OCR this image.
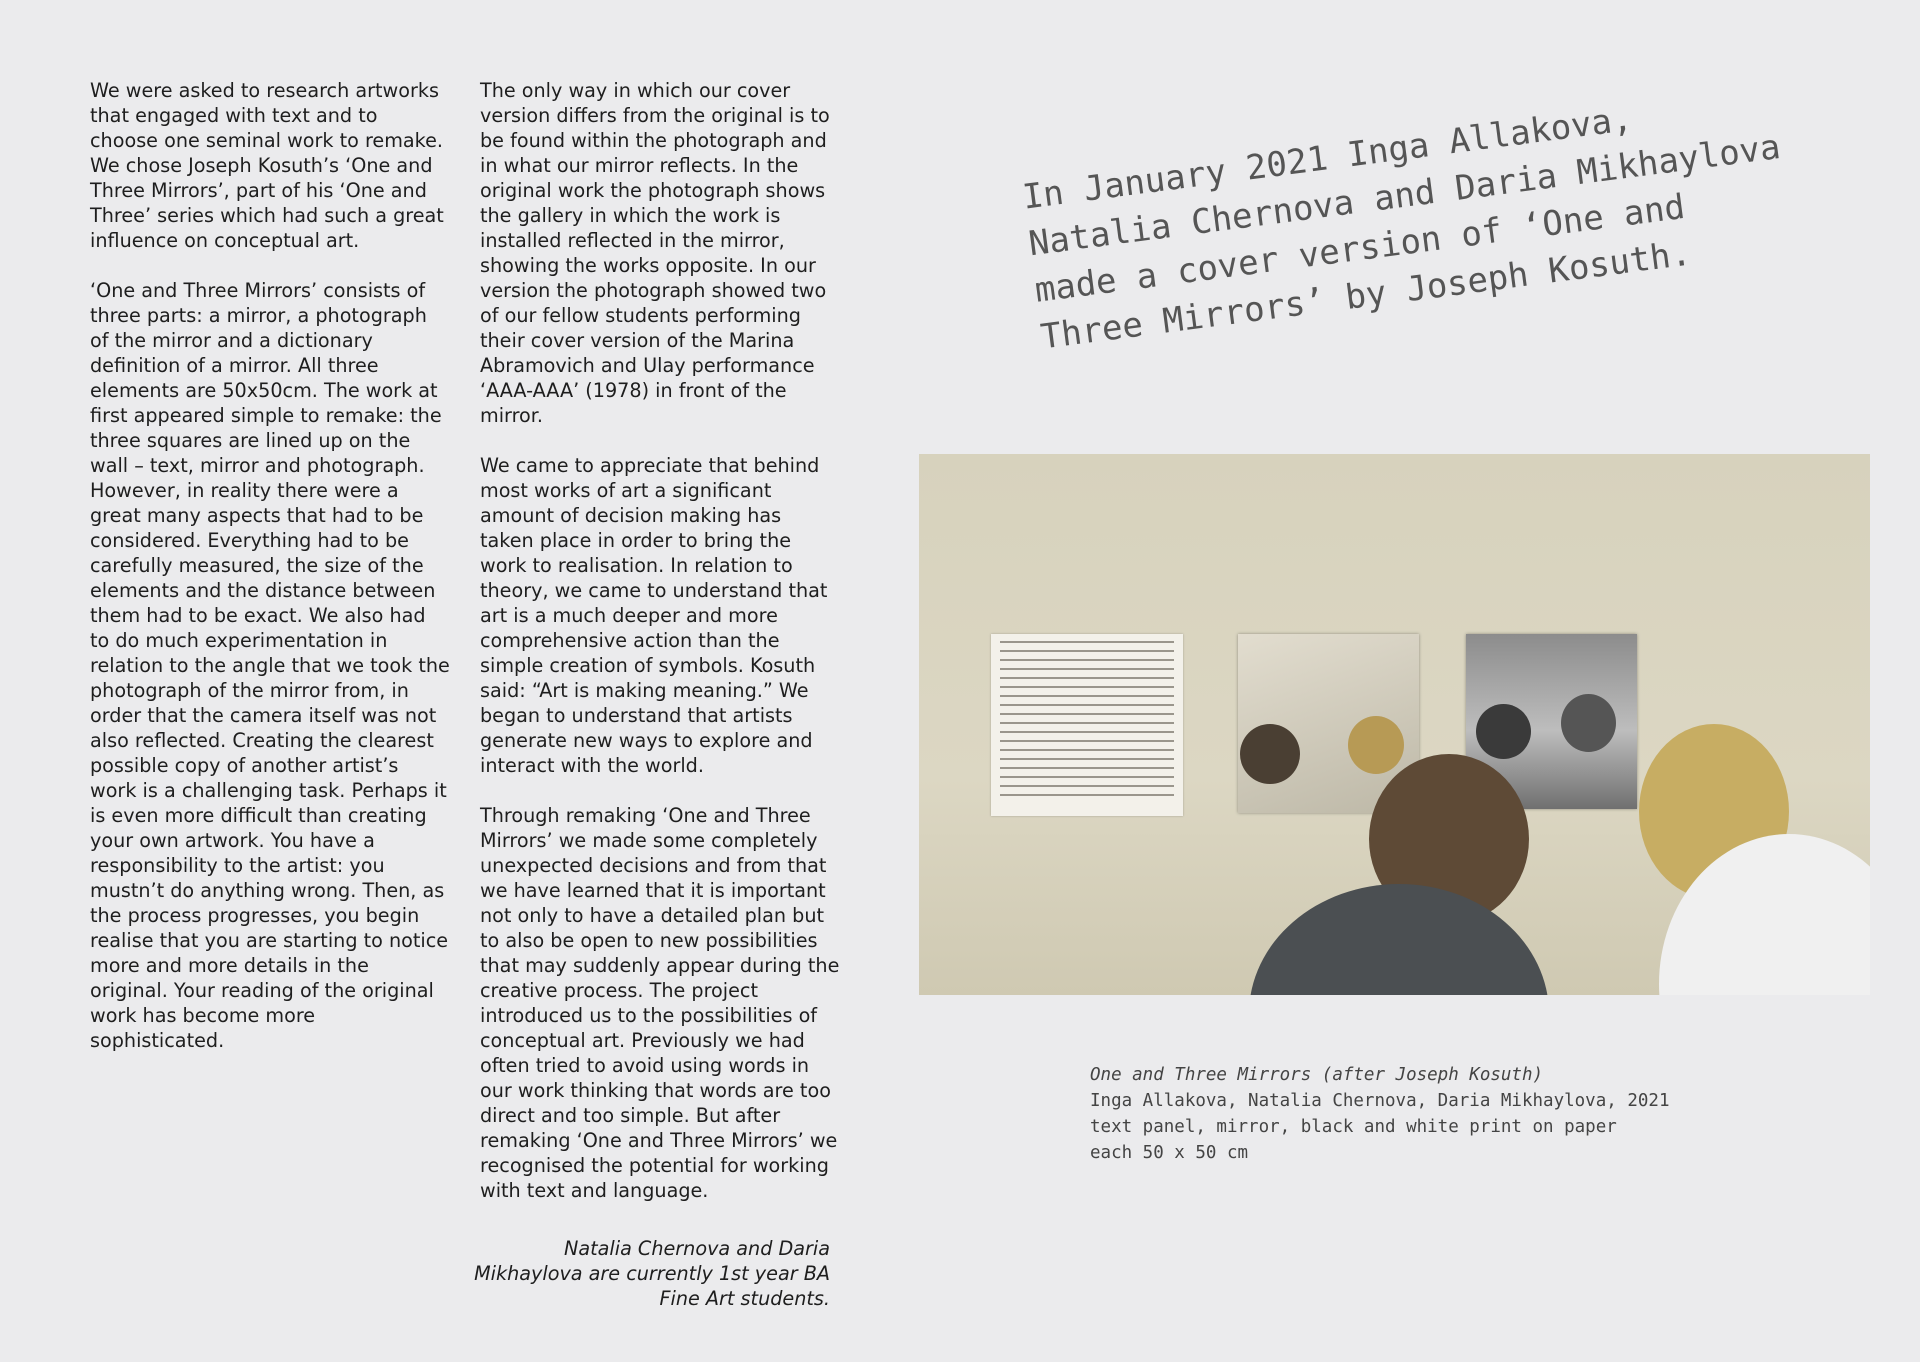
We were asked to research artworks that engaged with text and to choose one seminal work to remake. We chose Joseph Kosuth’s ‘One and Three Mirrors’, part of his ‘One and Three’ series which had such a great influence on conceptual art.

‘One and Three Mirrors’ consists of three parts: a mirror, a photograph of the mirror and a dictionary definition of a mirror. All three elements are 50x50cm. The work at first appeared simple to remake: the three squares are lined up on the wall – text, mirror and photograph. However, in reality there were a great many aspects that had to be considered. Everything had to be carefully measured, the size of the elements and the distance between them had to be exact. We also had to do much experimentation in relation to the angle that we took the photograph of the mirror from, in order that the camera itself was not also reflected. Creating the clearest possible copy of another artist’s work is a challenging task. Perhaps it is even more difficult than creating your own artwork. You have a responsibility to the artist: you mustn’t do anything wrong. Then, as the process progresses, you begin realise that you are starting to notice more and more details in the original. Your reading of the original work has become more sophisticated.

The only way in which our cover version differs from the original is to be found within the photograph and in what our mirror reflects. In the original work the photograph shows the gallery in which the work is installed reflected in the mirror, showing the works opposite. In our version the photograph showed two of our fellow students performing their cover version of the Marina Abramovich and Ulay performance ‘AAA-AAA’ (1978) in front of the mirror.

We came to appreciate that behind most works of art a significant amount of decision making has taken place in order to bring the work to realisation. In relation to theory, we came to understand that art is a much deeper and more comprehensive action than the simple creation of symbols. Kosuth said: “Art is making meaning.” We began to understand that artists generate new ways to explore and interact with the world.

Through remaking ‘One and Three Mirrors’ we made some completely unexpected decisions and from that we have learned that it is important not only to have a detailed plan but to also be open to new possibilities that may suddenly appear during the creative process. The project introduced us to the possibilities of conceptual art. Previously we had often tried to avoid using words in our work thinking that words are too direct and too simple. But after remaking ‘One and Three Mirrors’ we recognised the potential for working with text and language.

Natalia Chernova and Daria Mikhaylova are currently 1st year BA Fine Art students.
In January 2021 Inga Allakova, Natalia Chernova and Daria Mikhaylova made a cover version of ‘One and Three Mirrors’ by Joseph Kosuth.
One and Three Mirrors (after Joseph Kosuth)
Inga Allakova, Natalia Chernova, Daria Mikhaylova, 2021
text panel, mirror, black and white print on paper
each 50 x 50 cm
